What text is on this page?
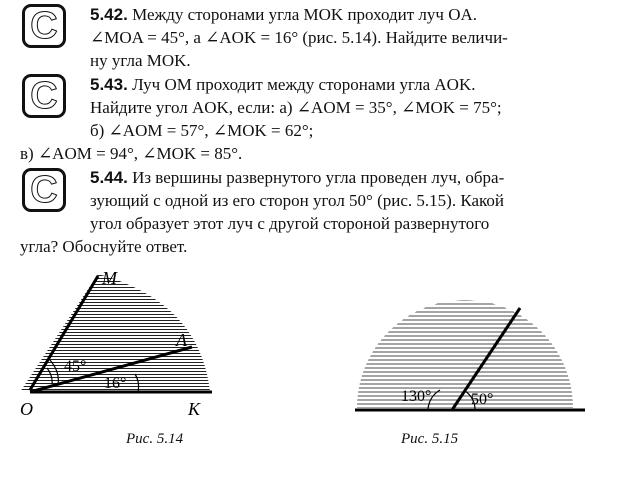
C	5.42. Между сторонами угла MOK проходит луч OA.
∠MOA = 45°, а ∠AOK = 16° (рис. 5.14). Найдите величи-
ну угла MOK.
C	5.43. Луч OM проходит между сторонами угла AOK.
Найдите угол AOK, если: а) ∠AOM = 35°, ∠MOK = 75°;
б) ∠AOM = 57°, ∠MOK = 62°;
в) ∠AOM = 94°, ∠MOK = 85°.
C	5.44. Из вершины развернутого угла проведен луч, обра-
зующий с одной из его сторон угол 50° (рис. 5.15). Какой
угол образует этот луч с другой стороной развернутого
угла? Обоснуйте ответ.
M
A
O	K
45°
16°
Рис. 5.14
130° 50°
Рис. 5.15
